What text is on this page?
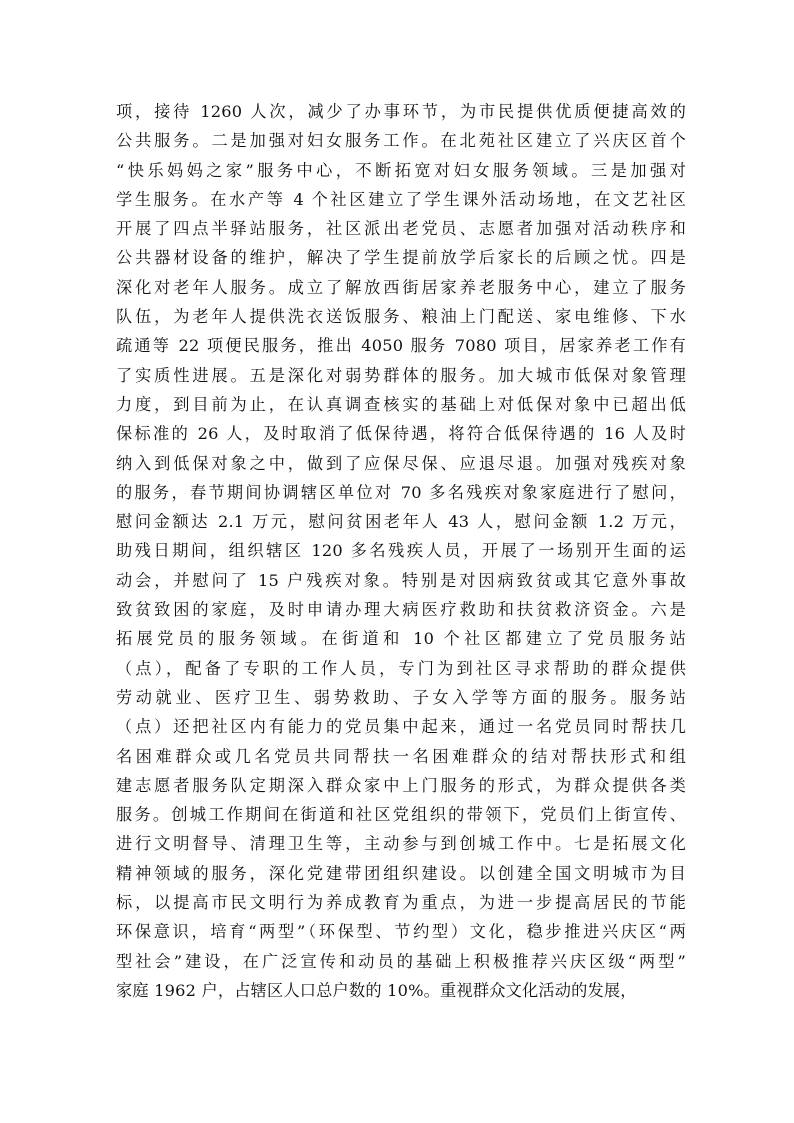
项，接待 1260 人次，减少了办事环节，为市民提供优质便捷高效的
公共服务。二是加强对妇女服务工作。在北苑社区建立了兴庆区首个
“快乐妈妈之家”服务中心，不断拓宽对妇女服务领域。三是加强对
学生服务。在水产等 4 个社区建立了学生课外活动场地，在文艺社区
开展了四点半驿站服务，社区派出老党员、志愿者加强对活动秩序和
公共器材设备的维护，解决了学生提前放学后家长的后顾之忧。四是
深化对老年人服务。成立了解放西街居家养老服务中心，建立了服务
队伍，为老年人提供洗衣送饭服务、粮油上门配送、家电维修、下水
疏通等 22 项便民服务，推出 4050 服务 7080 项目，居家养老工作有
了实质性进展。五是深化对弱势群体的服务。加大城市低保对象管理
力度，到目前为止，在认真调查核实的基础上对低保对象中已超出低
保标准的 26 人，及时取消了低保待遇，将符合低保待遇的 16 人及时
纳入到低保对象之中，做到了应保尽保、应退尽退。加强对残疾对象
的服务，春节期间协调辖区单位对 70 多名残疾对象家庭进行了慰问，
慰问金额达 2.1 万元，慰问贫困老年人 43 人，慰问金额 1.2 万元，
助残日期间，组织辖区 120 多名残疾人员，开展了一场别开生面的运
动会，并慰问了 15 户残疾对象。特别是对因病致贫或其它意外事故
致贫致困的家庭，及时申请办理大病医疗救助和扶贫救济资金。六是
拓展党员的服务领域。在街道和 10 个社区都建立了党员服务站
（点），配备了专职的工作人员，专门为到社区寻求帮助的群众提供
劳动就业、医疗卫生、弱势救助、子女入学等方面的服务。服务站
（点）还把社区内有能力的党员集中起来，通过一名党员同时帮扶几
名困难群众或几名党员共同帮扶一名困难群众的结对帮扶形式和组
建志愿者服务队定期深入群众家中上门服务的形式，为群众提供各类
服务。创城工作期间在街道和社区党组织的带领下，党员们上街宣传、
进行文明督导、清理卫生等，主动参与到创城工作中。七是拓展文化
精神领域的服务，深化党建带团组织建设。以创建全国文明城市为目
标，以提高市民文明行为养成教育为重点，为进一步提高居民的节能
环保意识，培育“两型”（环保型、节约型）文化，稳步推进兴庆区“两
型社会”建设，在广泛宣传和动员的基础上积极推荐兴庆区级“两型”
家庭 1962 户，占辖区人口总户数的 10%。重视群众文化活动的发展，
